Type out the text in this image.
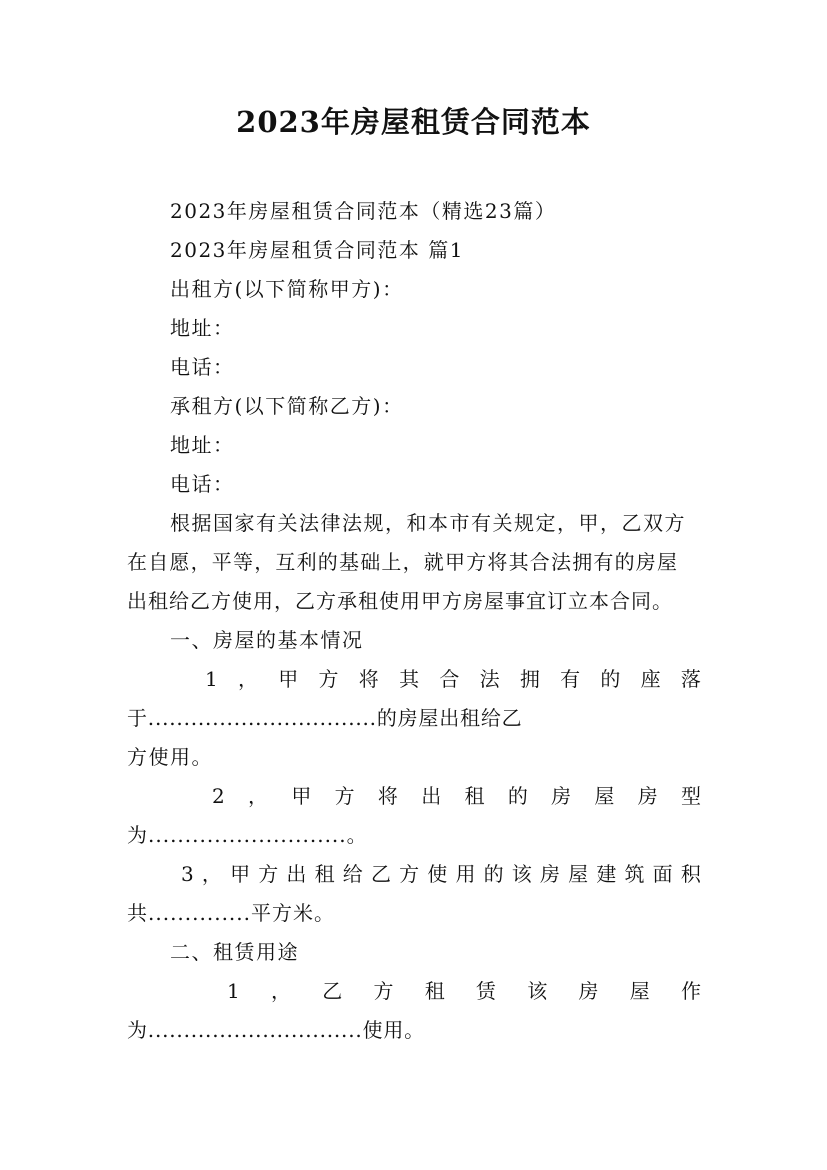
2023年房屋租赁合同范本
2023年房屋租赁合同范本（精选23篇）
2023年房屋租赁合同范本 篇1
出租方(以下简称甲方)：
地址：
电话：
承租方(以下简称乙方)：
地址：
电话：
根据国家有关法律法规，和本市有关规定，甲，乙双方
在自愿，平等，互利的基础上，就甲方将其合法拥有的房屋
出租给乙方使用，乙方承租使用甲方房屋事宜订立本合同。
一、房屋的基本情况
1 ， 甲 方 将 其 合 法 拥 有 的 座 落
于................................的房屋出租给乙
方使用。
2 ， 甲 方 将 出 租 的 房 屋 房 型
为...........................。
3 ， 甲 方 出 租 给 乙 方 使 用 的 该 房 屋 建 筑 面 积
共..............平方米。
二、租赁用途
1 ， 乙 方 租 赁 该 房 屋 作
为..............................使用。
